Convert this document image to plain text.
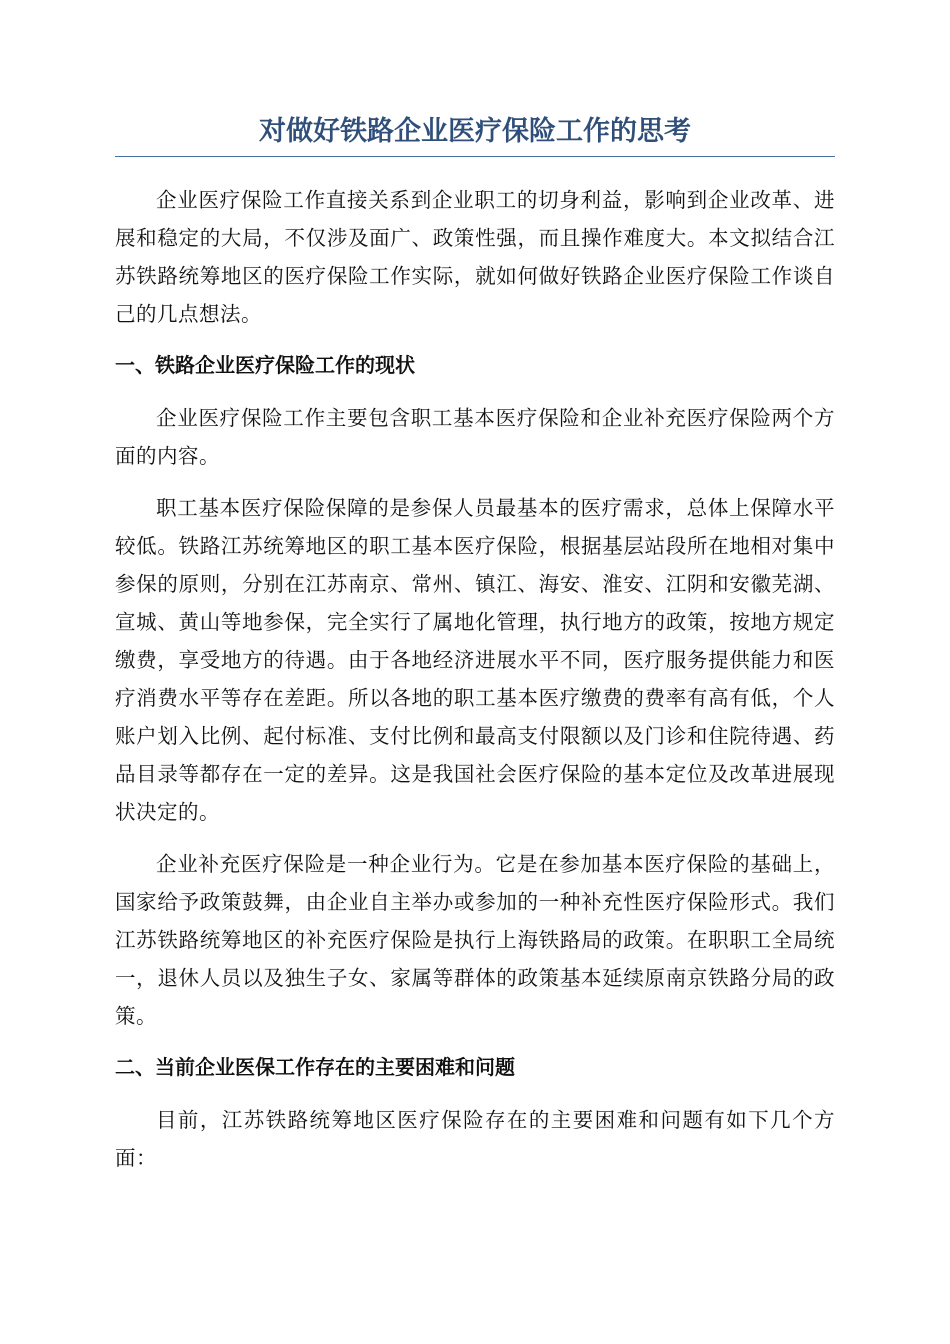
对做好铁路企业医疗保险工作的思考

企业医疗保险工作直接关系到企业职工的切身利益，影响到企业改革、进展和稳定的大局，不仅涉及面广、政策性强，而且操作难度大。本文拟结合江苏铁路统筹地区的医疗保险工作实际，就如何做好铁路企业医疗保险工作谈自己的几点想法。

一、铁路企业医疗保险工作的现状

企业医疗保险工作主要包含职工基本医疗保险和企业补充医疗保险两个方面的内容。

职工基本医疗保险保障的是参保人员最基本的医疗需求，总体上保障水平较低。铁路江苏统筹地区的职工基本医疗保险，根据基层站段所在地相对集中参保的原则，分别在江苏南京、常州、镇江、海安、淮安、江阴和安徽芜湖、宣城、黄山等地参保，完全实行了属地化管理，执行地方的政策，按地方规定缴费，享受地方的待遇。由于各地经济进展水平不同，医疗服务提供能力和医疗消费水平等存在差距。所以各地的职工基本医疗缴费的费率有高有低，个人账户划入比例、起付标准、支付比例和最高支付限额以及门诊和住院待遇、药品目录等都存在一定的差异。这是我国社会医疗保险的基本定位及改革进展现状决定的。

企业补充医疗保险是一种企业行为。它是在参加基本医疗保险的基础上，国家给予政策鼓舞，由企业自主举办或参加的一种补充性医疗保险形式。我们江苏铁路统筹地区的补充医疗保险是执行上海铁路局的政策。在职职工全局统一，退休人员以及独生子女、家属等群体的政策基本延续原南京铁路分局的政策。

二、当前企业医保工作存在的主要困难和问题

目前，江苏铁路统筹地区医疗保险存在的主要困难和问题有如下几个方面：
